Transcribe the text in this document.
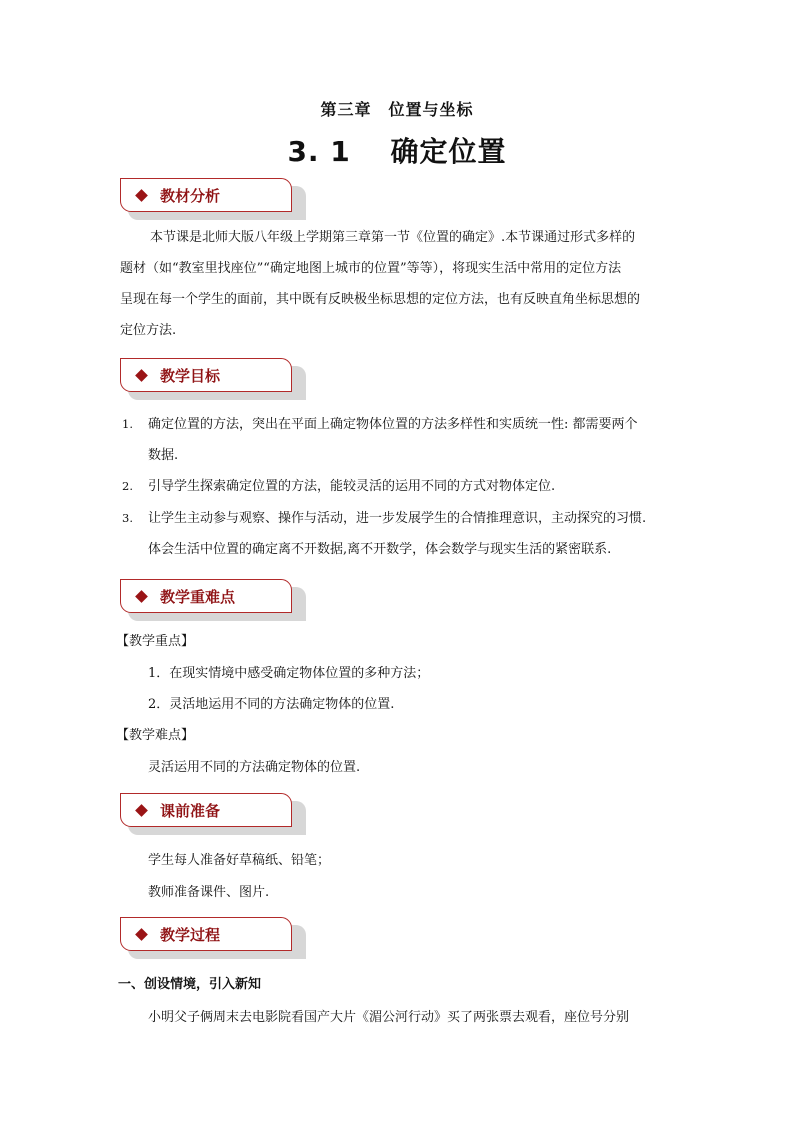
第三章　位置与坐标
3. 1　 确定位置
教材分析
本节课是北师大版八年级上学期第三章第一节《位置的确定》.本节课通过形式多样的
题材（如“教室里找座位”“确定地图上城市的位置”等等），将现实生活中常用的定位方法
呈现在每一个学生的面前，其中既有反映极坐标思想的定位方法，也有反映直角坐标思想的
定位方法.
教学目标
1. 确定位置的方法，突出在平面上确定物体位置的方法多样性和实质统一性: 都需要两个
数据.
2. 引导学生探索确定位置的方法，能较灵活的运用不同的方式对物体定位.
3. 让学生主动参与观察、操作与活动，进一步发展学生的合情推理意识，主动探究的习惯.
体会生活中位置的确定离不开数据,离不开数学，体会数学与现实生活的紧密联系.
教学重难点
【教学重点】
1．在现实情境中感受确定物体位置的多种方法；
2．灵活地运用不同的方法确定物体的位置.
【教学难点】
灵活运用不同的方法确定物体的位置.
课前准备
学生每人准备好草稿纸、铅笔；
教师准备课件、图片.
教学过程
一、创设情境，引入新知
小明父子俩周末去电影院看国产大片《湄公河行动》买了两张票去观看，座位号分别
